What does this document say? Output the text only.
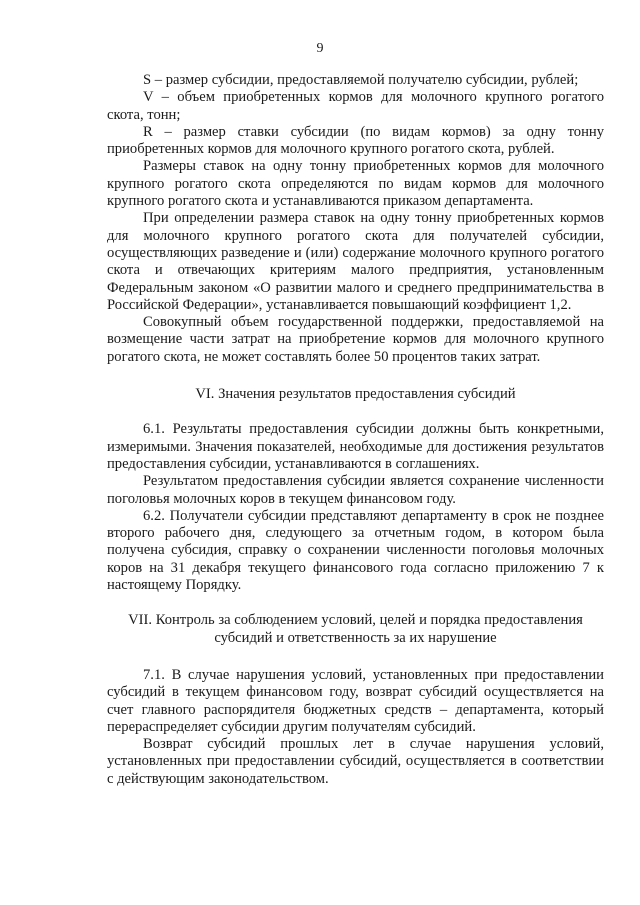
9

S – размер субсидии, предоставляемой получателю субсидии, рублей;

V – объем приобретенных кормов для молочного крупного рогатого скота, тонн;

R – размер ставки субсидии (по видам кормов) за одну тонну приобретенных кормов для молочного крупного рогатого скота, рублей.

Размеры ставок на одну тонну приобретенных кормов для молочного крупного рогатого скота определяются по видам кормов для молочного крупного рогатого скота и устанавливаются приказом департамента.

При определении размера ставок на одну тонну приобретенных кормов для молочного крупного рогатого скота для получателей субсидии, осуществляющих разведение и (или) содержание молочного крупного рогатого скота и отвечающих критериям малого предприятия, установленным Федеральным законом «О развитии малого и среднего предпринимательства в Российской Федерации», устанавливается повышающий коэффициент 1,2.

Совокупный объем государственной поддержки, предоставляемой на возмещение части затрат на приобретение кормов для молочного крупного рогатого скота, не может составлять более 50 процентов таких затрат.

VI. Значения результатов предоставления субсидий

6.1. Результаты предоставления субсидии должны быть конкретными, измеримыми. Значения показателей, необходимые для достижения результатов предоставления субсидии, устанавливаются в соглашениях.

Результатом предоставления субсидии является сохранение численности поголовья молочных коров в текущем финансовом году.

6.2. Получатели субсидии представляют департаменту в срок не позднее второго рабочего дня, следующего за отчетным годом, в котором была получена субсидия, справку о сохранении численности поголовья молочных коров на 31 декабря текущего финансового года согласно приложению 7 к настоящему Порядку.

VII. Контроль за соблюдением условий, целей и порядка предоставления субсидий и ответственность за их нарушение

7.1. В случае нарушения условий, установленных при предоставлении субсидий в текущем финансовом году, возврат субсидий осуществляется на счет главного распорядителя бюджетных средств – департамента, который перераспределяет субсидии другим получателям субсидий.

Возврат субсидий прошлых лет в случае нарушения условий, установленных при предоставлении субсидий, осуществляется в соответствии с действующим законодательством.
